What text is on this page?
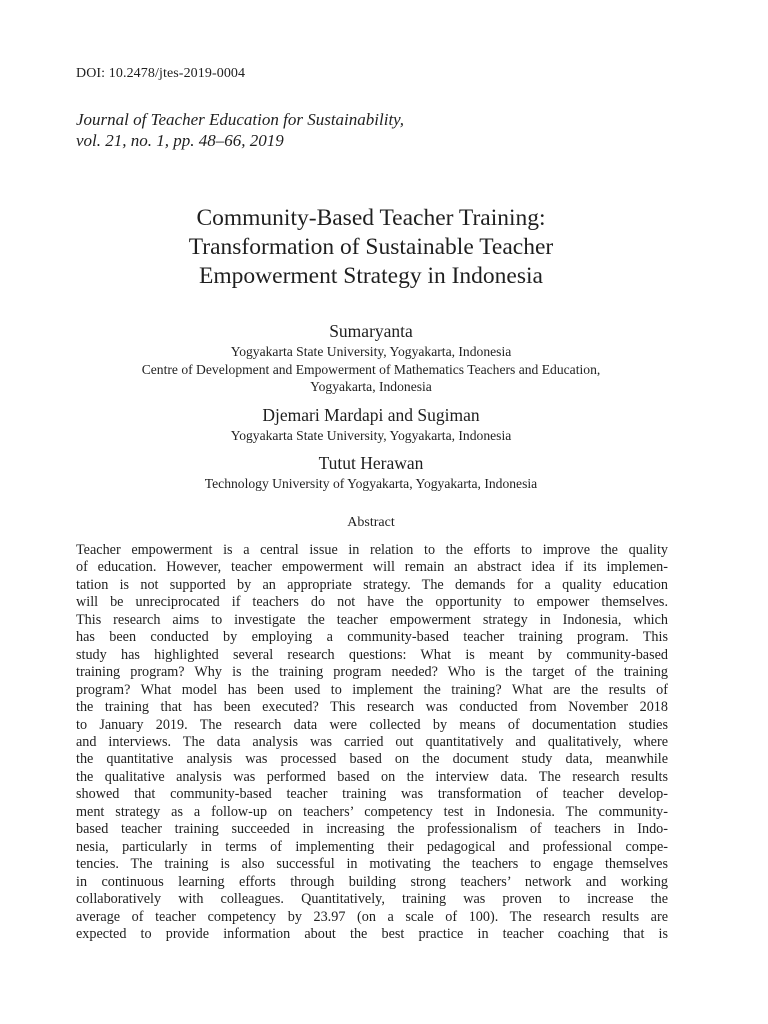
DOI: 10.2478/jtes-2019-0004
Journal of Teacher Education for Sustainability,
vol. 21, no. 1, pp. 48–66, 2019
Community-Based Teacher Training:
Transformation of Sustainable Teacher
Empowerment Strategy in Indonesia
Sumaryanta
Yogyakarta State University, Yogyakarta, Indonesia
Centre of Development and Empowerment of Mathematics Teachers and Education,
Yogyakarta, Indonesia
Djemari Mardapi and Sugiman
Yogyakarta State University, Yogyakarta, Indonesia
Tutut Herawan
Technology University of Yogyakarta, Yogyakarta, Indonesia
Abstract
Teacher empowerment is a central issue in relation to the efforts to improve the quality
of education. However, teacher empowerment will remain an abstract idea if its implemen-
tation is not supported by an appropriate strategy. The demands for a quality education
will be unreciprocated if teachers do not have the opportunity to empower themselves.
This research aims to investigate the teacher empowerment strategy in Indonesia, which
has been conducted by employing a community-based teacher training program. This
study has highlighted several research questions: What is meant by community-based
training program? Why is the training program needed? Who is the target of the training
program? What model has been used to implement the training? What are the results of
the training that has been executed? This research was conducted from November 2018
to January 2019. The research data were collected by means of documentation studies
and interviews. The data analysis was carried out quantitatively and qualitatively, where
the quantitative analysis was processed based on the document study data, meanwhile
the qualitative analysis was performed based on the interview data. The research results
showed that community-based teacher training was transformation of teacher develop-
ment strategy as a follow-up on teachers’ competency test in Indonesia. The community-
based teacher training succeeded in increasing the professionalism of teachers in Indo-
nesia, particularly in terms of implementing their pedagogical and professional compe-
tencies. The training is also successful in motivating the teachers to engage themselves
in continuous learning efforts through building strong teachers’ network and working
collaboratively with colleagues. Quantitatively, training was proven to increase the
average of teacher competency by 23.97 (on a scale of 100). The research results are
expected to provide information about the best practice in teacher coaching that is
